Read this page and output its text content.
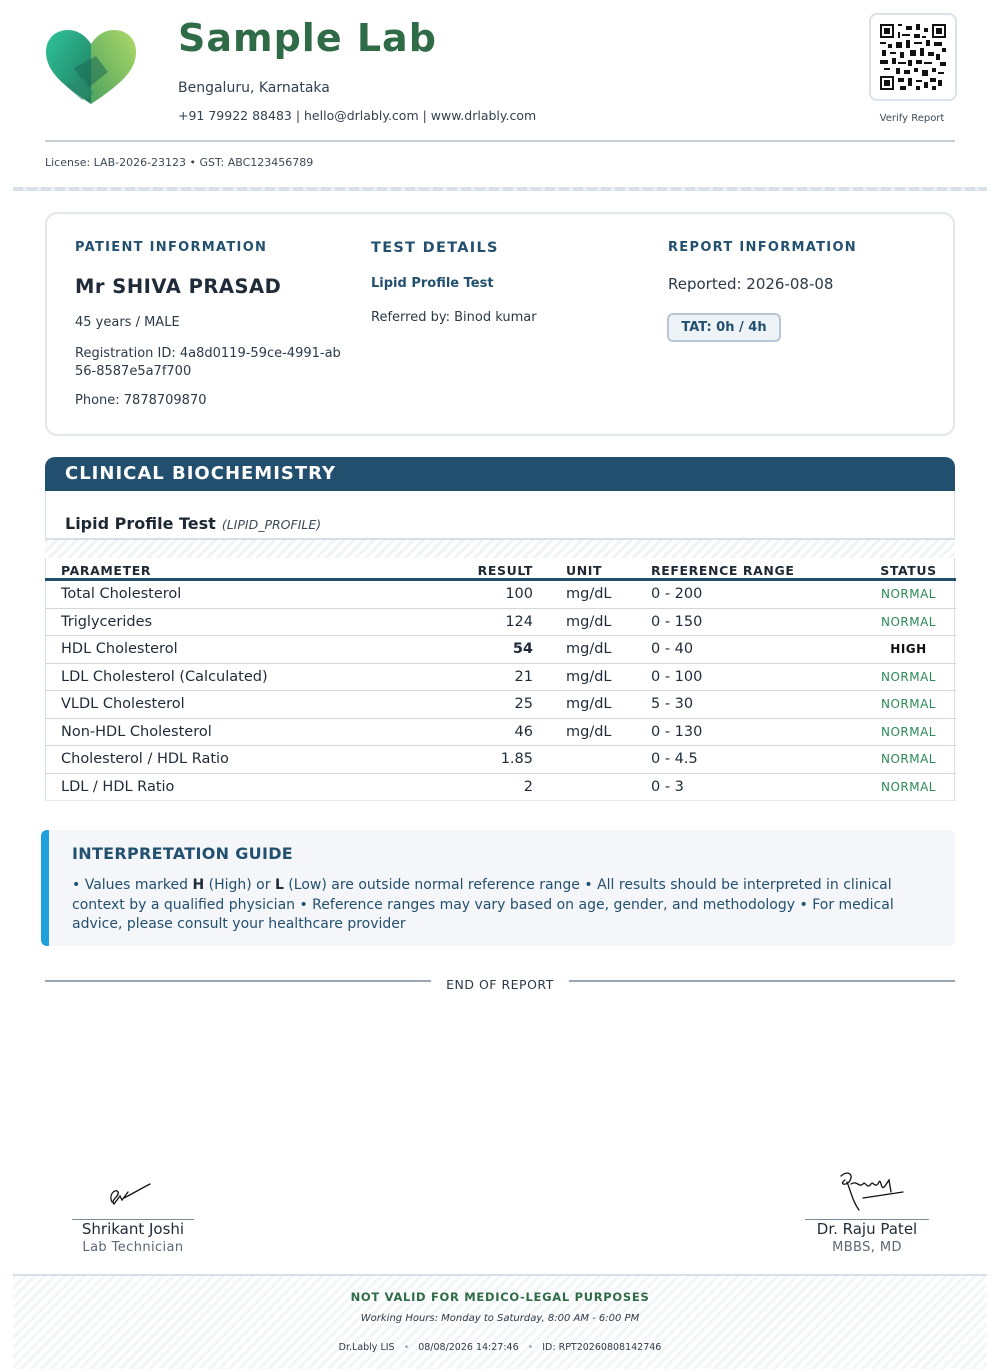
Sample Lab
Bengaluru, Karnataka
+91 79922 88483 | hello@drlably.com | www.drlably.com	Verify Report
License: LAB-2026-23123 • GST: ABC123456789
PATIENT INFORMATION
Mr SHIVA PRASAD
45 years / MALE
Registration ID: 4a8d0119-59ce-4991-ab56-8587e5a7f700
Phone: 7878709870
TEST DETAILS
Lipid Profile Test
Referred by: Binod kumar
REPORT INFORMATION
Reported: 2026-08-08
TAT: 0h / 4h
CLINICAL BIOCHEMISTRY
Lipid Profile Test (LIPID_PROFILE)
PARAMETER	RESULT	UNIT	REFERENCE RANGE	STATUS
Total Cholesterol	100	mg/dL	0 - 200	NORMAL
Triglycerides	124	mg/dL	0 - 150	NORMAL
HDL Cholesterol	54	mg/dL	0 - 40	HIGH
LDL Cholesterol (Calculated)	21	mg/dL	0 - 100	NORMAL
VLDL Cholesterol	25	mg/dL	5 - 30	NORMAL
Non-HDL Cholesterol	46	mg/dL	0 - 130	NORMAL
Cholesterol / HDL Ratio	1.85		0 - 4.5	NORMAL
LDL / HDL Ratio	2		0 - 3	NORMAL
INTERPRETATION GUIDE
• Values marked H (High) or L (Low) are outside normal reference range • All results should be interpreted in clinical context by a qualified physician • Reference ranges may vary based on age, gender, and methodology • For medical advice, please consult your healthcare provider
END OF REPORT
Shrikant Joshi
Lab Technician
Dr. Raju Patel
MBBS, MD
NOT VALID FOR MEDICO-LEGAL PURPOSES
Working Hours: Monday to Saturday, 8:00 AM - 6:00 PM
Dr.Lably LIS • 08/08/2026 14:27:46 • ID: RPT20260808142746
